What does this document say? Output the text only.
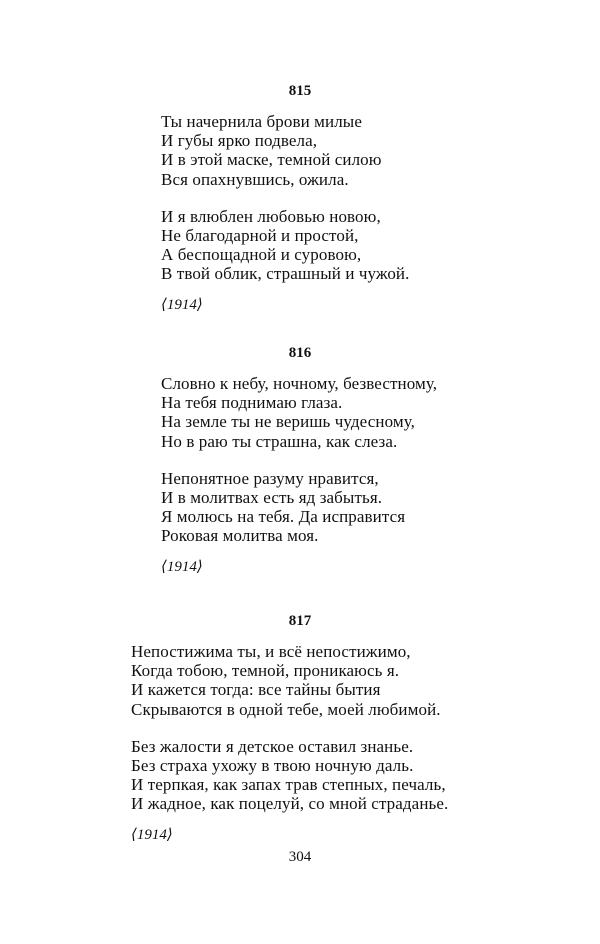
815
Ты начернила брови милые
И губы ярко подвела,
И в этой маске, темной силою
Вся опахнувшись, ожила.
И я влюблен любовью новою,
Не благодарной и простой,
А беспощадной и суровою,
В твой облик, страшный и чужой.
⟨1914⟩
816
Словно к небу, ночному, безвестному,
На тебя поднимаю глаза.
На земле ты не веришь чудесному,
Но в раю ты страшна, как слеза.
Непонятное разуму нравится,
И в молитвах есть яд забытья.
Я молюсь на тебя. Да исправится
Роковая молитва моя.
⟨1914⟩
817
Непостижима ты, и всё непостижимо,
Когда тобою, темной, проникаюсь я.
И кажется тогда: все тайны бытия
Скрываются в одной тебе, моей любимой.
Без жалости я детское оставил знанье.
Без страха ухожу в твою ночную даль.
И терпкая, как запах трав степных, печаль,
И жадное, как поцелуй, со мной страданье.
⟨1914⟩
304
